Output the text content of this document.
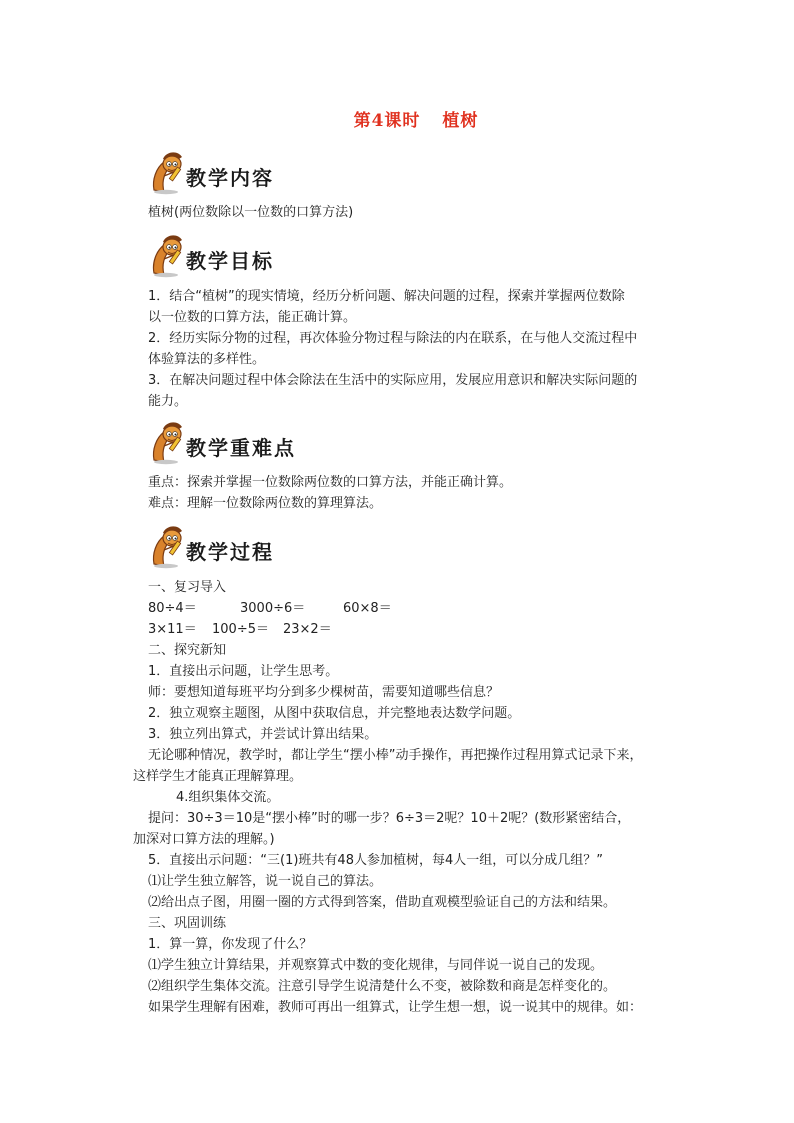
第4课时 植树
教学内容
植树(两位数除以一位数的口算方法)
教学目标
1．结合“植树”的现实情境，经历分析问题、解决问题的过程，探索并掌握两位数除
以一位数的口算方法，能正确计算。
2．经历实际分物的过程，再次体验分物过程与除法的内在联系，在与他人交流过程中
体验算法的多样性。
3．在解决问题过程中体会除法在生活中的实际应用，发展应用意识和解决实际问题的
能力。
教学重难点
重点：探索并掌握一位数除两位数的口算方法，并能正确计算。
难点：理解一位数除两位数的算理算法。
教学过程
一、复习导入
80÷4＝	3000÷6＝	60×8＝
3×11＝ 100÷5＝ 23×2＝
二、探究新知
1．直接出示问题，让学生思考。
师：要想知道每班平均分到多少棵树苗，需要知道哪些信息？
2．独立观察主题图，从图中获取信息，并完整地表达数学问题。
3．独立列出算式，并尝试计算出结果。
无论哪种情况，教学时，都让学生“摆小棒”动手操作，再把操作过程用算式记录下来，
这样学生才能真正理解算理。
4.组织集体交流。
提问：30÷3＝10是“摆小棒”时的哪一步？6÷3＝2呢？10＋2呢？(数形紧密结合，
加深对口算方法的理解。)
5．直接出示问题：“三(1)班共有48人参加植树，每4人一组，可以分成几组？”
⑴让学生独立解答，说一说自己的算法。
⑵给出点子图，用圈一圈的方式得到答案，借助直观模型验证自己的方法和结果。
三、巩固训练
1．算一算，你发现了什么？
⑴学生独立计算结果，并观察算式中数的变化规律，与同伴说一说自己的发现。
⑵组织学生集体交流。注意引导学生说清楚什么不变，被除数和商是怎样变化的。
如果学生理解有困难，教师可再出一组算式，让学生想一想，说一说其中的规律。如：
